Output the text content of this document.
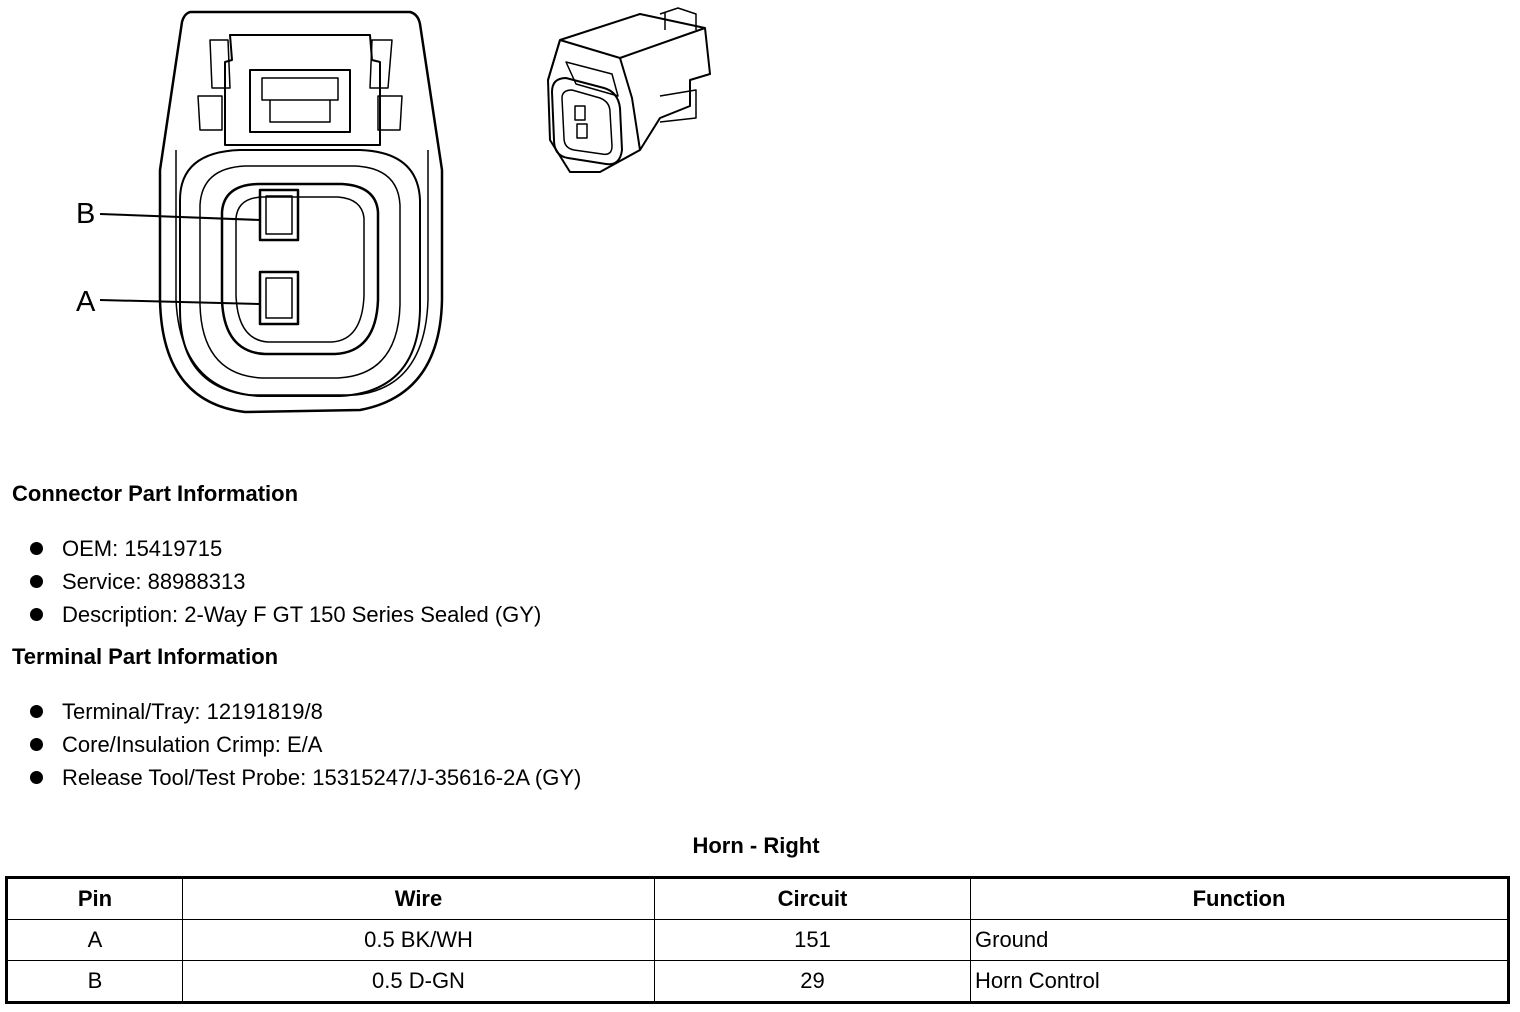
B
A
Connector Part Information
OEM: 15419715
Service: 88988313
Description: 2-Way F GT 150 Series Sealed (GY)
Terminal Part Information
Terminal/Tray: 12191819/8
Core/Insulation Crimp: E/A
Release Tool/Test Probe: 15315247/J-35616-2A (GY)
Horn - Right
Pin	Wire	Circuit	Function
A	0.5 BK/WH	151	Ground
B	0.5 D-GN	29	Horn Control
